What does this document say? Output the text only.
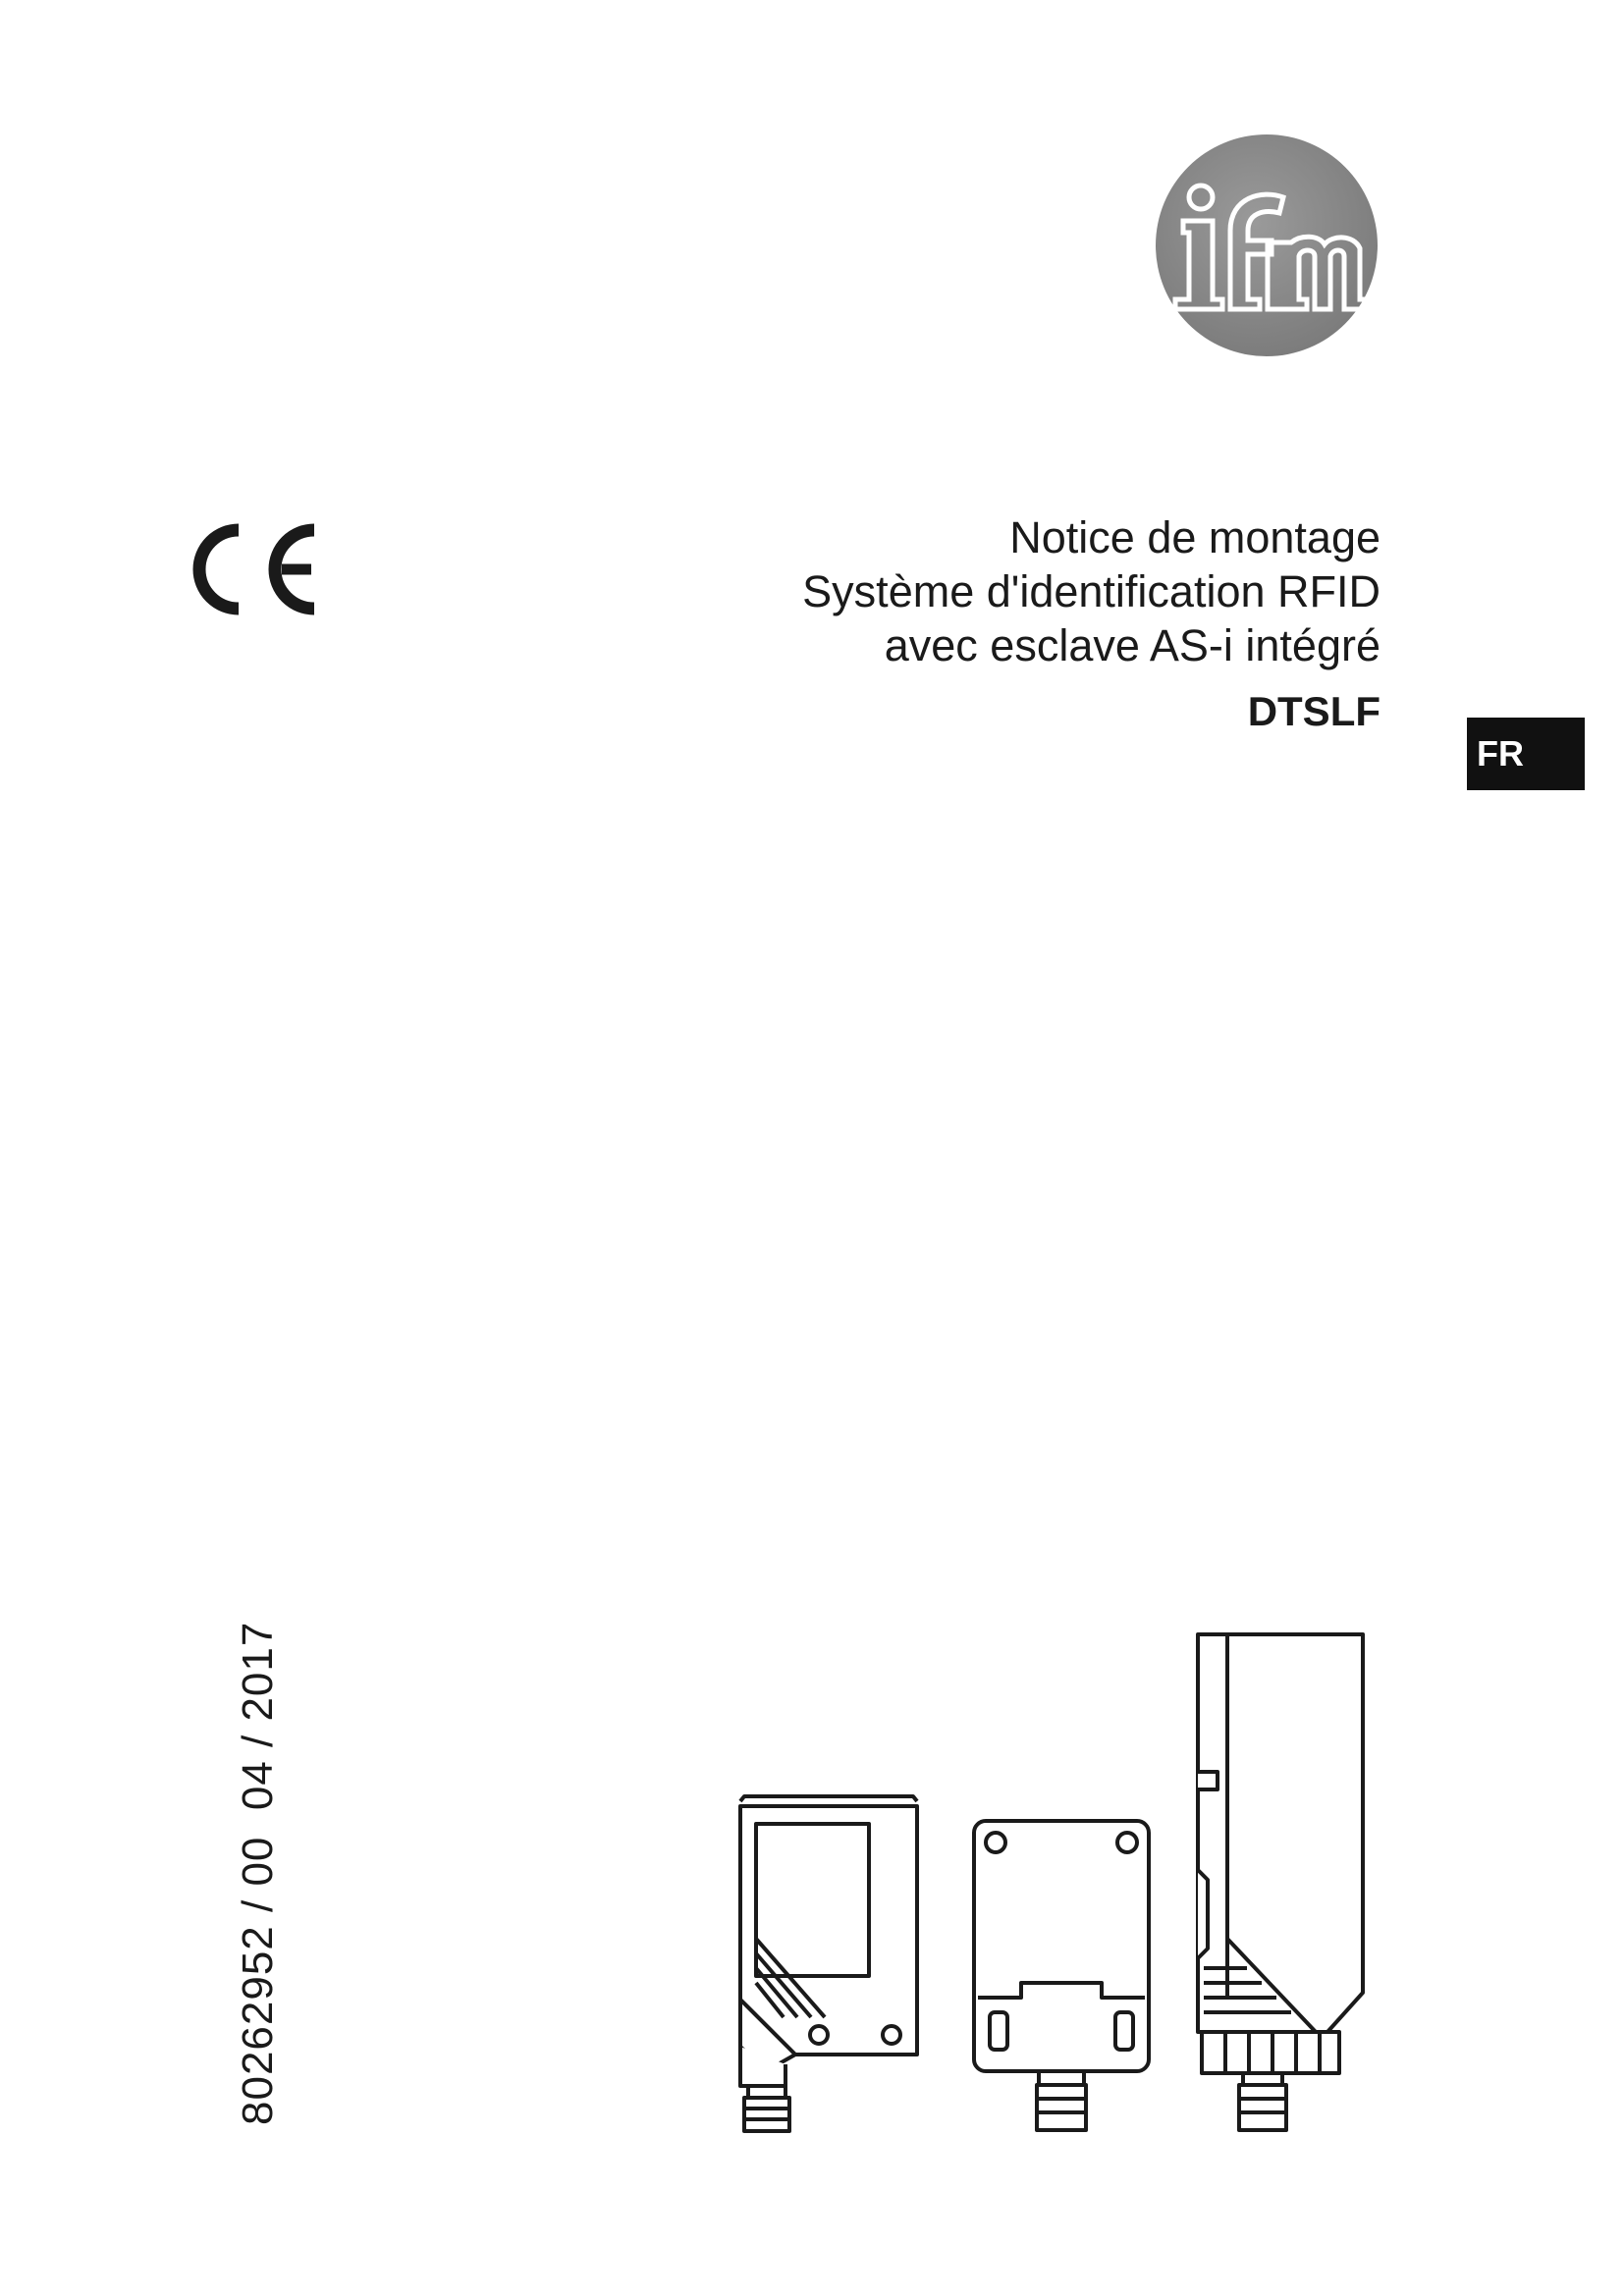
Notice de montage
Système d'identification RFID
avec esclave AS-i intégré
DTSLF
FR
80262952 / 00  04 / 2017
